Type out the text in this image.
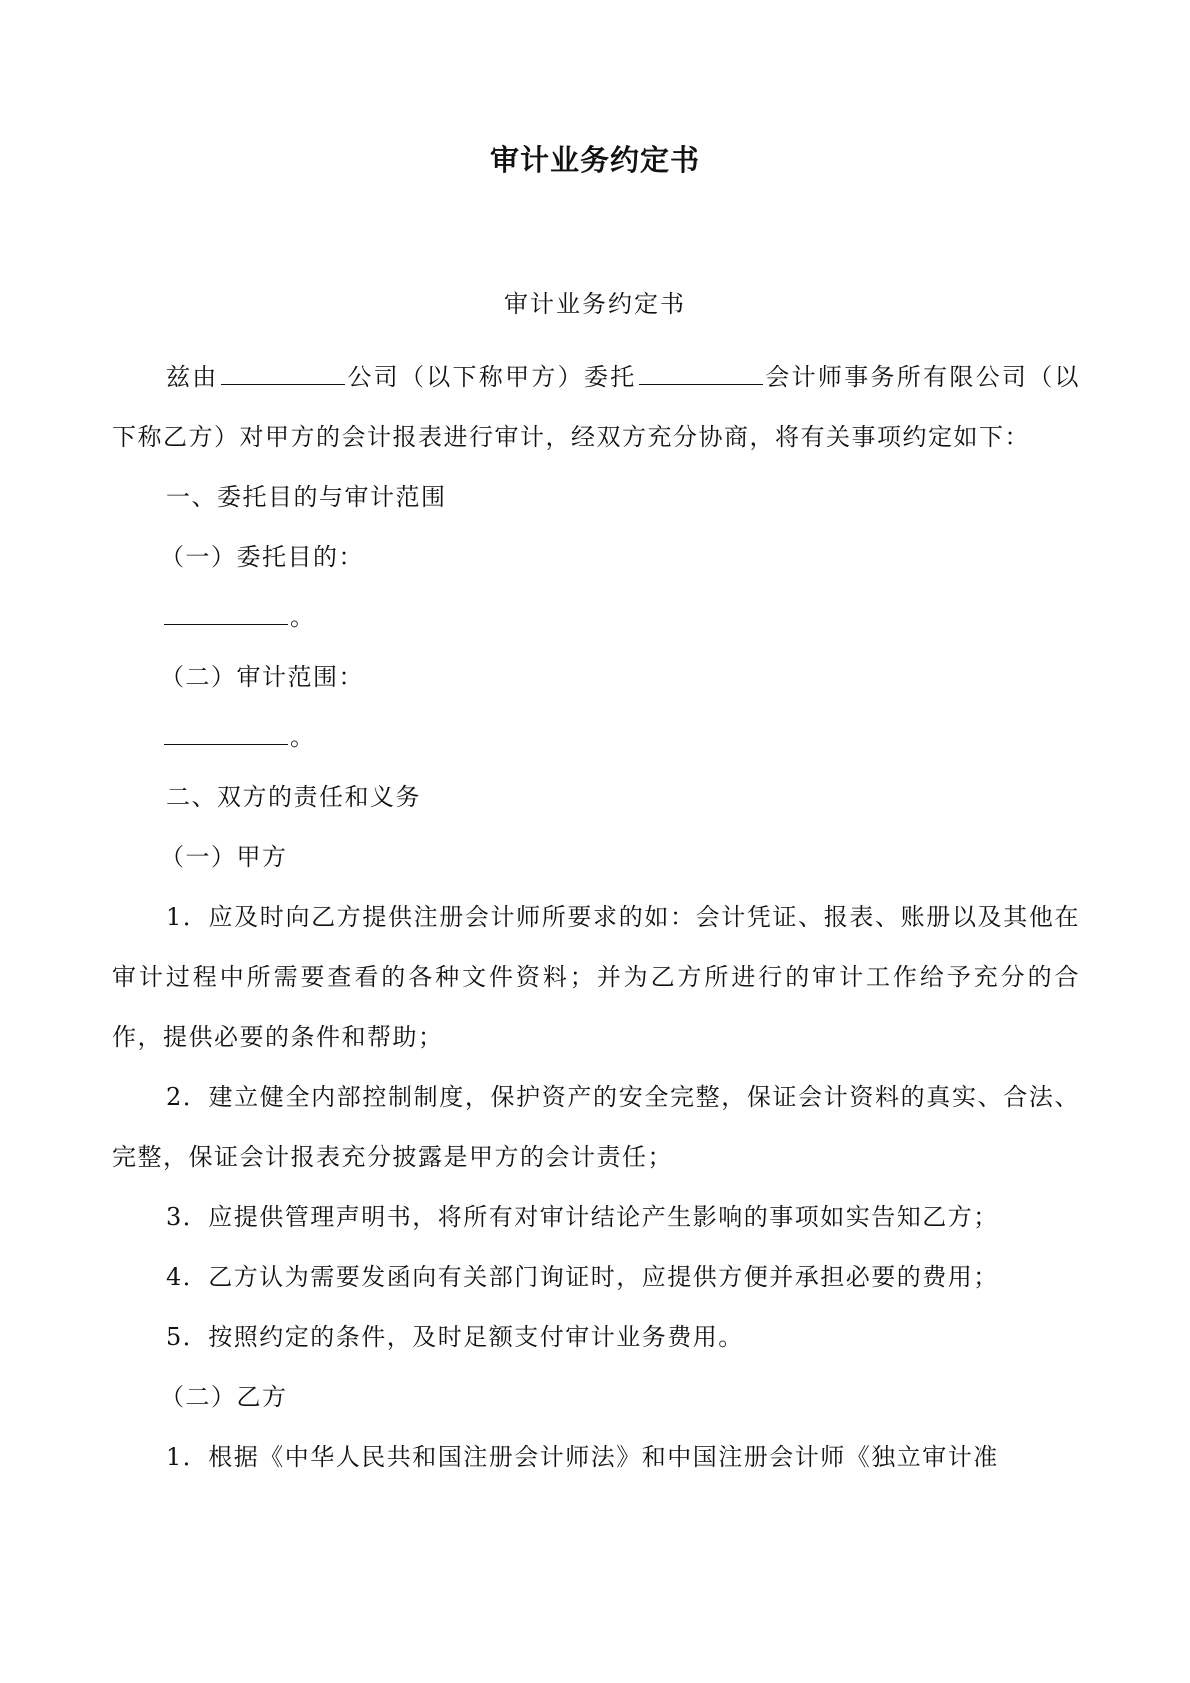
审计业务约定书
审计业务约定书

兹由	公司（以下称甲方）委托	会计师事务所有限公司（以下称乙方）对甲方的会计报表进行审计，经双方充分协商，将有关事项约定如下：

一、委托目的与审计范围

（一）委托目的：

。

（二）审计范围：

。

二、双方的责任和义务

（一）甲方

1．应及时向乙方提供注册会计师所要求的如：会计凭证、报表、账册以及其他在审计过程中所需要查看的各种文件资料；并为乙方所进行的审计工作给予充分的合作，提供必要的条件和帮助；

2．建立健全内部控制制度，保护资产的安全完整，保证会计资料的真实、合法、完整，保证会计报表充分披露是甲方的会计责任；

3．应提供管理声明书，将所有对审计结论产生影响的事项如实告知乙方；

4．乙方认为需要发函向有关部门询证时，应提供方便并承担必要的费用；

5．按照约定的条件，及时足额支付审计业务费用。

（二）乙方

1．根据《中华人民共和国注册会计师法》和中国注册会计师《独立审计准
